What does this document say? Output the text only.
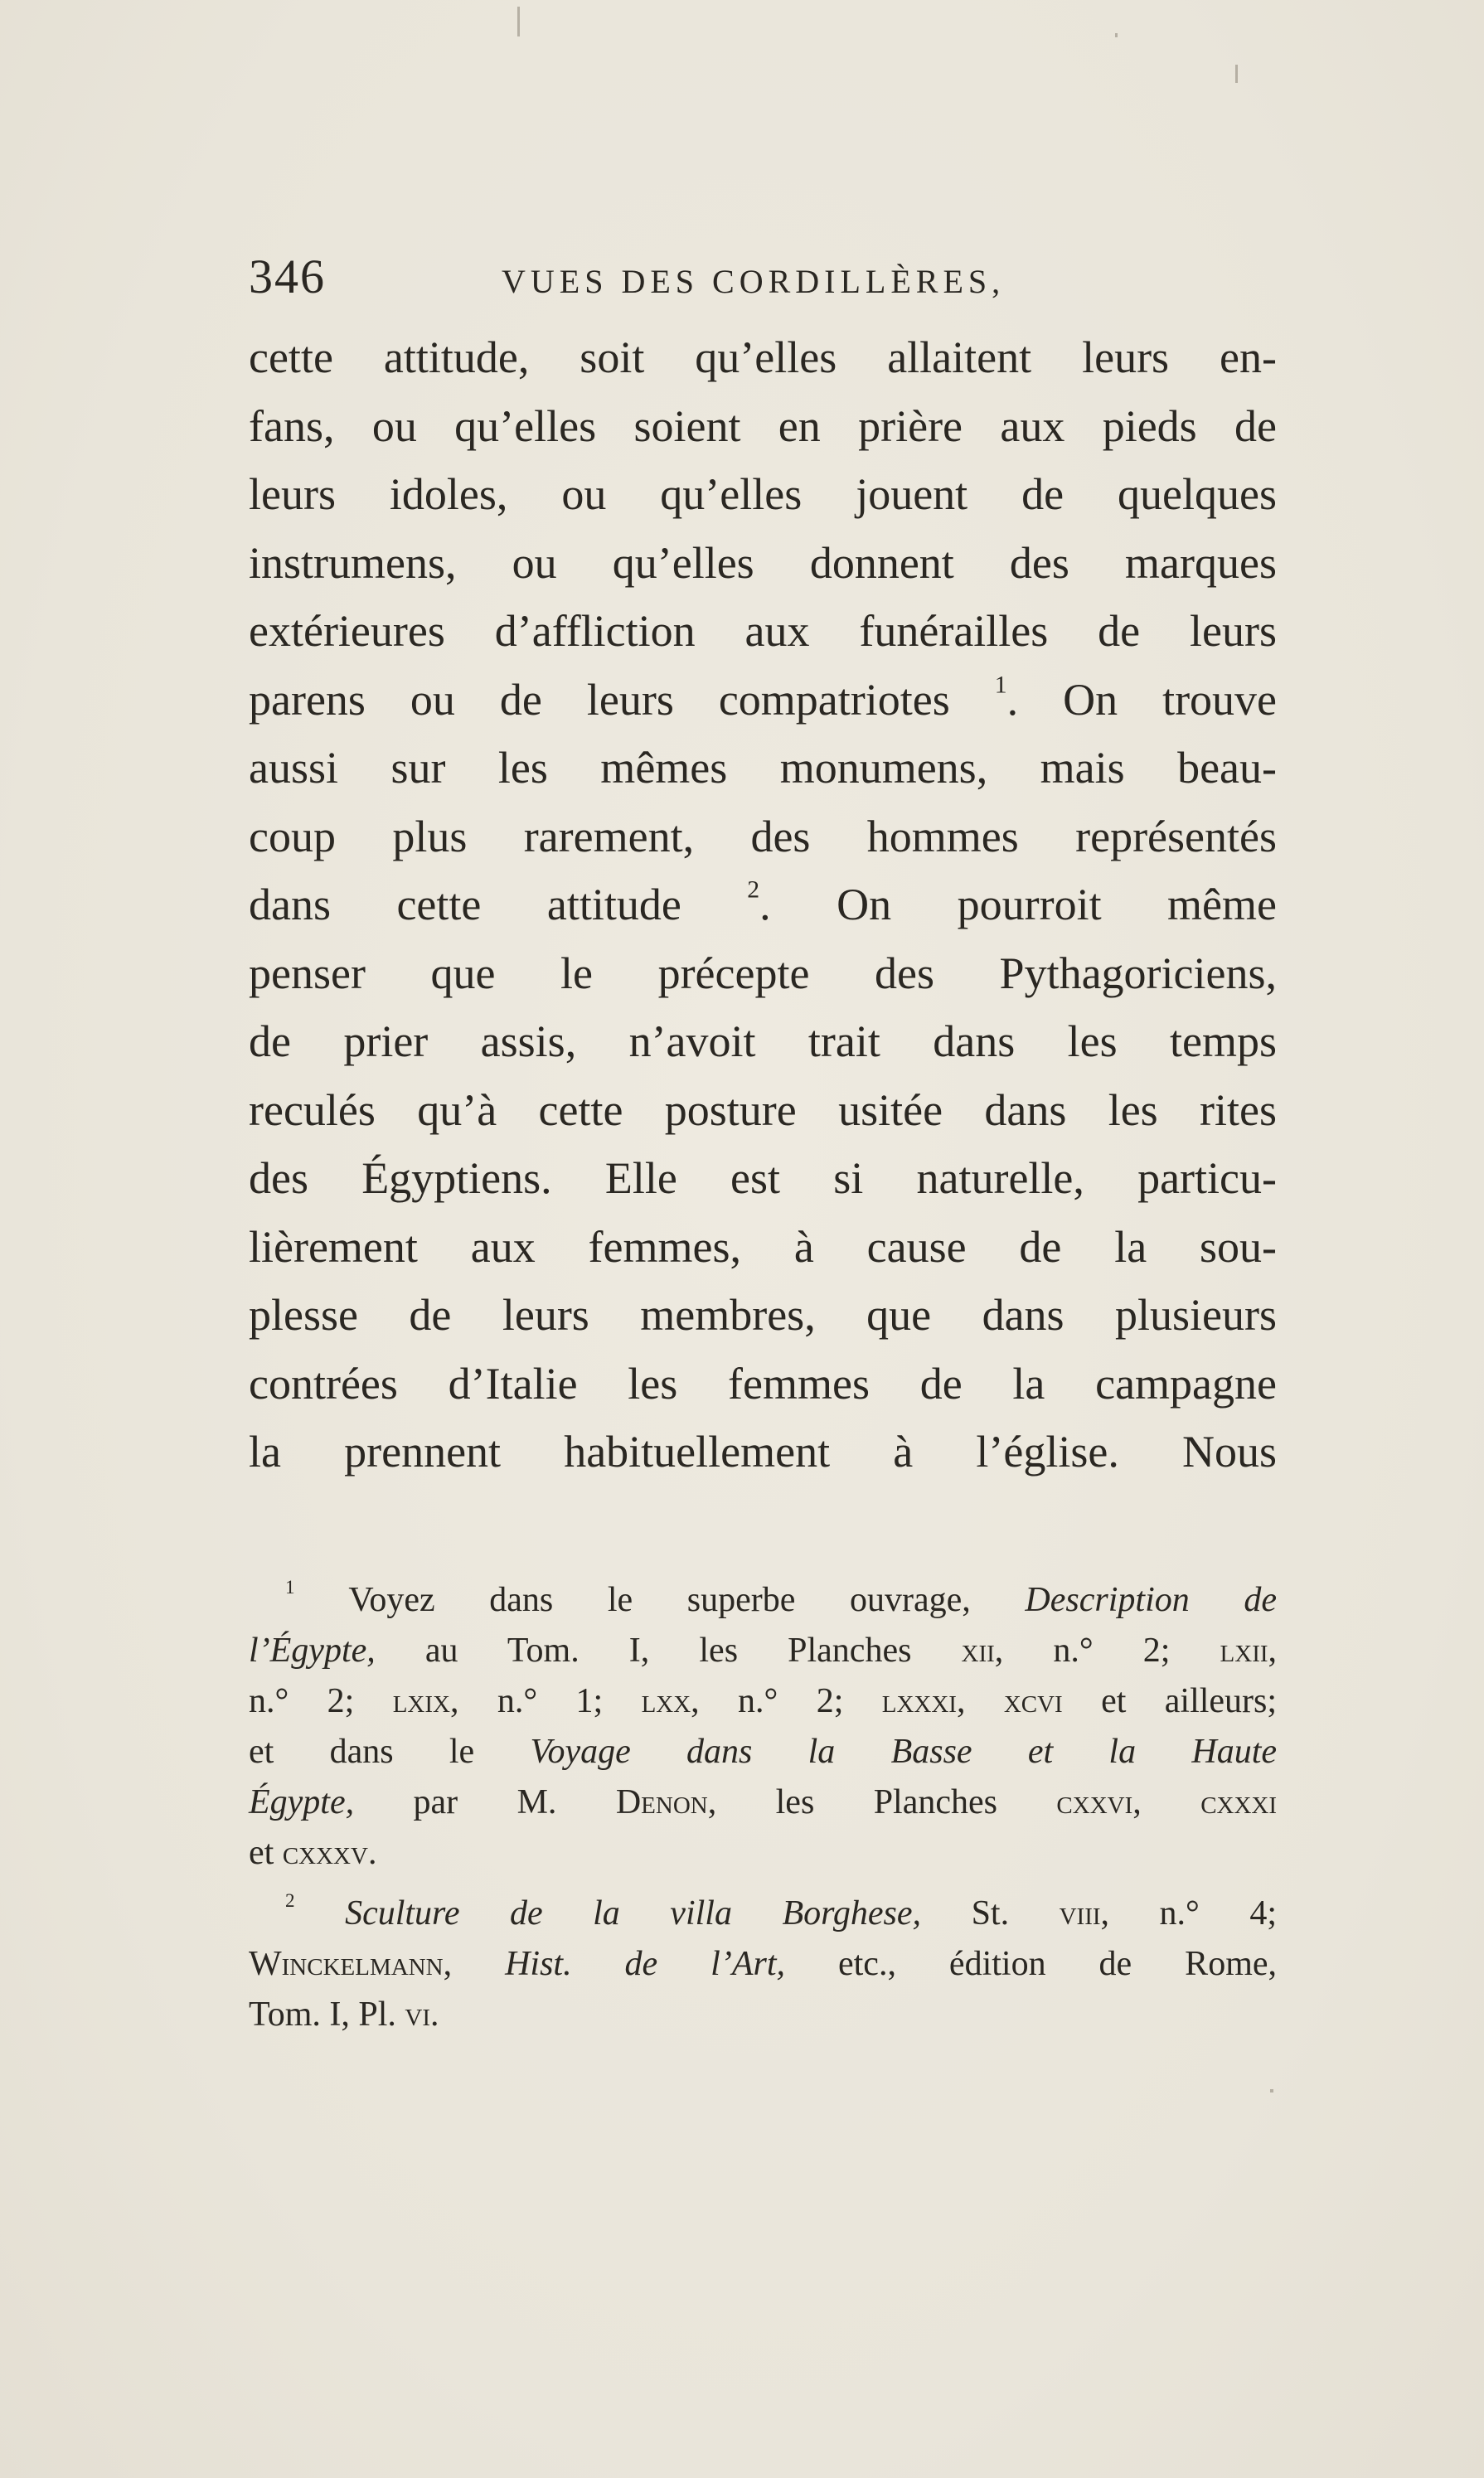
346	VUES DES CORDILLÈRES,
cette attitude, soit qu’elles allaitent leurs en-
fans, ou qu’elles soient en prière aux pieds de
leurs idoles, ou qu’elles jouent de quelques
instrumens, ou qu’elles donnent des marques
extérieures d’affliction aux funérailles de leurs
parens ou de leurs compatriotes $^1$. On trouve
aussi sur les mêmes monumens, mais beau-
coup plus rarement, des hommes représentés
dans cette attitude	$^2$. On pourroit même
penser que le précepte des Pythagoriciens,
de prier assis, n’avoit trait dans les temps
reculés qu’à cette posture usitée dans les rites
des Égyptiens. Elle est si naturelle, particu-
lièrement aux femmes, à cause de la sou-
plesse de leurs membres, que dans plusieurs
contrées d’Italie les femmes de la campagne
la prennent habituellement à l’église. Nous
$^1$ Voyez dans le superbe ouvrage, Description de
l’Égypte, au Tom. I, les Planches xii, n.° 2; lxii,
n.° 2; lxix, n.° 1; lxx, n.° 2; lxxxi, xcvi et ailleurs;
et dans le Voyage dans la Basse et la Haute
Égypte, par M. Denon, les Planches cxxvi, cxxxi
et cxxxv.
$^2$ Sculture de la villa Borghese, St. viii, n.° 4;
Winckelmann, Hist. de l’Art, etc., édition de Rome,
Tom. I, Pl. vi.
